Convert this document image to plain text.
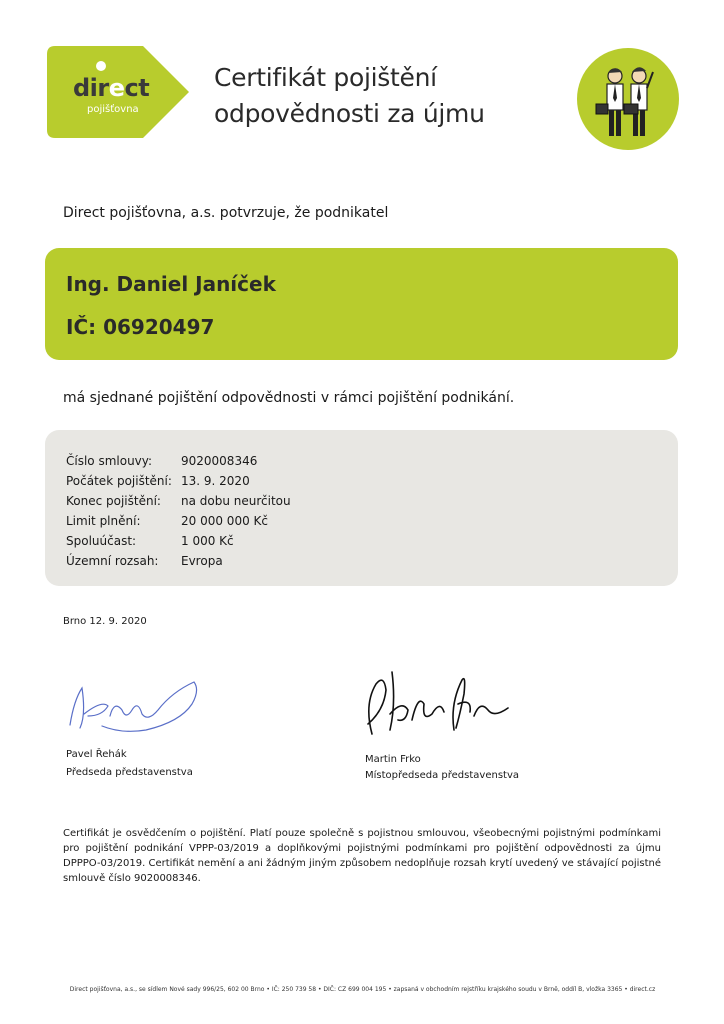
direct
pojišťovna
Certifikát pojištění
odpovědnosti za újmu
Direct pojišťovna, a.s. potvrzuje, že podnikatel
Ing. Daniel Janíček
IČ: 06920497
má sjednané pojištění odpovědnosti v rámci pojištění podnikání.
Číslo smlouvy: 9020008346
Počátek pojištění: 13. 9. 2020
Konec pojištění: na dobu neurčitou
Limit plnění:	20 000 000 Kč
Spoluúčast:	1 000 Kč
Územní rozsah: Evropa
Brno 12. 9. 2020
Pavel Řehák
Předseda představenstva
Martin Frko
Místopředseda představenstva
Certifikát je osvědčením o pojištění. Platí pouze společně s pojistnou smlouvou, všeobecnými pojistnými podmínkami pro pojištění podnikání VPPP-03/2019 a doplňkovými pojistnými podmínkami pro pojištění odpovědnosti za újmu DPPPO-03/2019. Certifikát nemění a ani žádným jiným způsobem nedoplňuje rozsah krytí uvedený ve stávající pojistné smlouvě číslo 9020008346.
Direct pojišťovna, a.s., se sídlem Nové sady 996/25, 602 00 Brno • IČ: 250 739 58 • DIČ: CZ 699 004 195 • zapsaná v obchodním rejstříku krajského soudu v Brně, oddíl B, vložka 3365 • direct.cz
